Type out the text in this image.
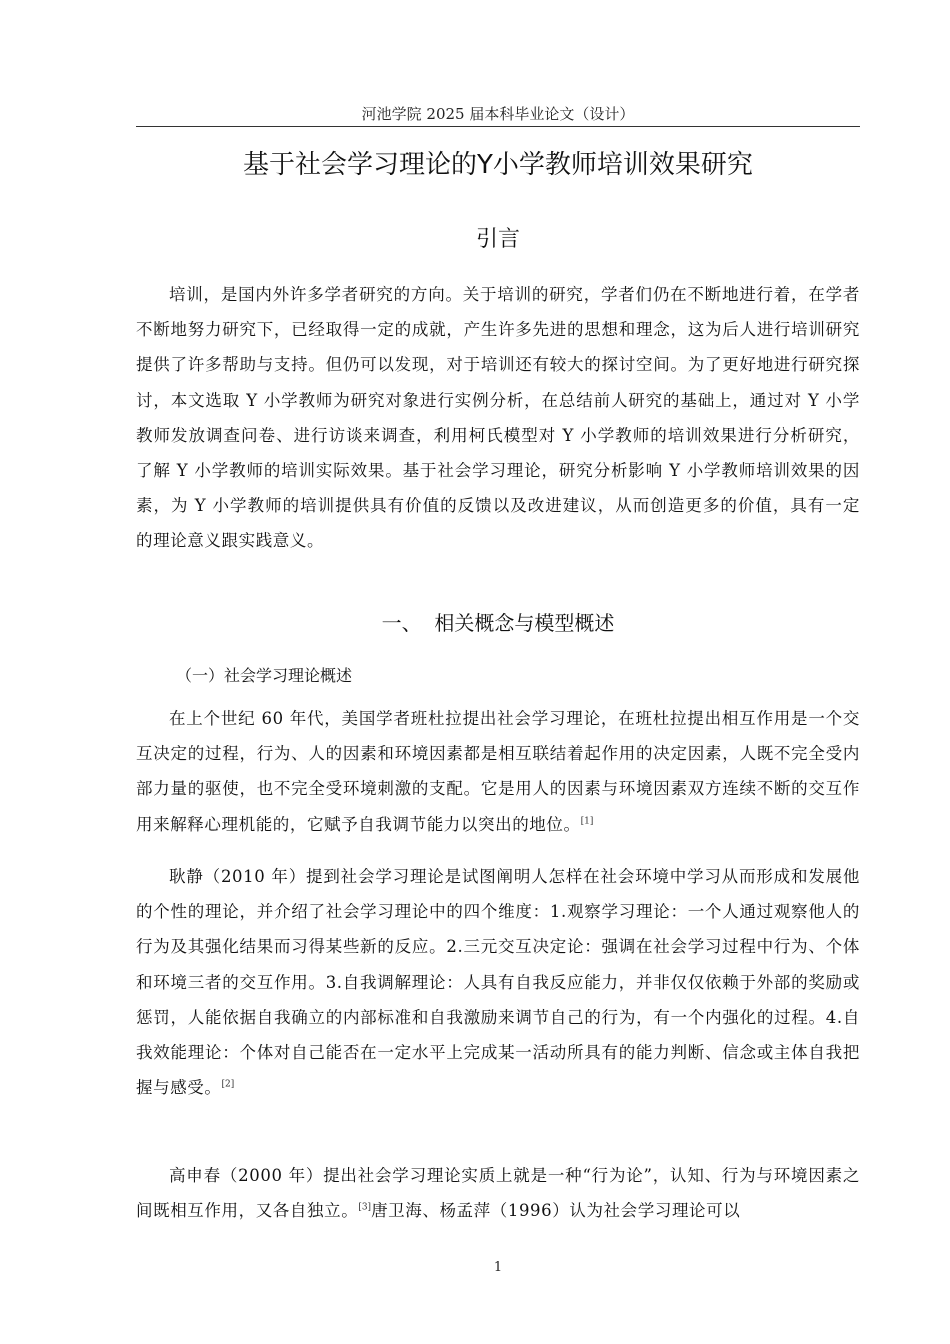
河池学院 2025 届本科毕业论文（设计）
基于社会学习理论的Y小学教师培训效果研究
引言

培训，是国内外许多学者研究的方向。关于培训的研究，学者们仍在不断地进行着，在学者不断地努力研究下，已经取得一定的成就，产生许多先进的思想和理念，这为后人进行培训研究提供了许多帮助与支持。但仍可以发现，对于培训还有较大的探讨空间。为了更好地进行研究探讨，本文选取 Y 小学教师为研究对象进行实例分析，在总结前人研究的基础上，通过对 Y 小学教师发放调查问卷、进行访谈来调查，利用柯氏模型对 Y 小学教师的培训效果进行分析研究，了解 Y 小学教师的培训实际效果。基于社会学习理论，研究分析影响 Y 小学教师培训效果的因素，为 Y 小学教师的培训提供具有价值的反馈以及改进建议，从而创造更多的价值，具有一定的理论意义跟实践意义。

一、  相关概念与模型概述
（一）社会学习理论概述

在上个世纪 60 年代，美国学者班杜拉提出社会学习理论，在班杜拉提出相互作用是一个交互决定的过程，行为、人的因素和环境因素都是相互联结着起作用的决定因素，人既不完全受内部力量的驱使，也不完全受环境刺激的支配。它是用人的因素与环境因素双方连续不断的交互作用来解释心理机能的，它赋予自我调节能力以突出的地位。[1]

耿静（2010 年）提到社会学习理论是试图阐明人怎样在社会环境中学习从而形成和发展他的个性的理论，并介绍了社会学习理论中的四个维度：1.观察学习理论：一个人通过观察他人的行为及其强化结果而习得某些新的反应。2.三元交互决定论：强调在社会学习过程中行为、个体和环境三者的交互作用。3.自我调解理论：人具有自我反应能力，并非仅仅依赖于外部的奖励或惩罚，人能依据自我确立的内部标准和自我激励来调节自己的行为，有一个内强化的过程。4.自我效能理论：个体对自己能否在一定水平上完成某一活动所具有的能力判断、信念或主体自我把握与感受。[2]

高申春（2000 年）提出社会学习理论实质上就是一种“行为论”，认知、行为与环境因素之间既相互作用，又各自独立。[3]唐卫海、杨孟萍（1996）认为社会学习理论可以

1
